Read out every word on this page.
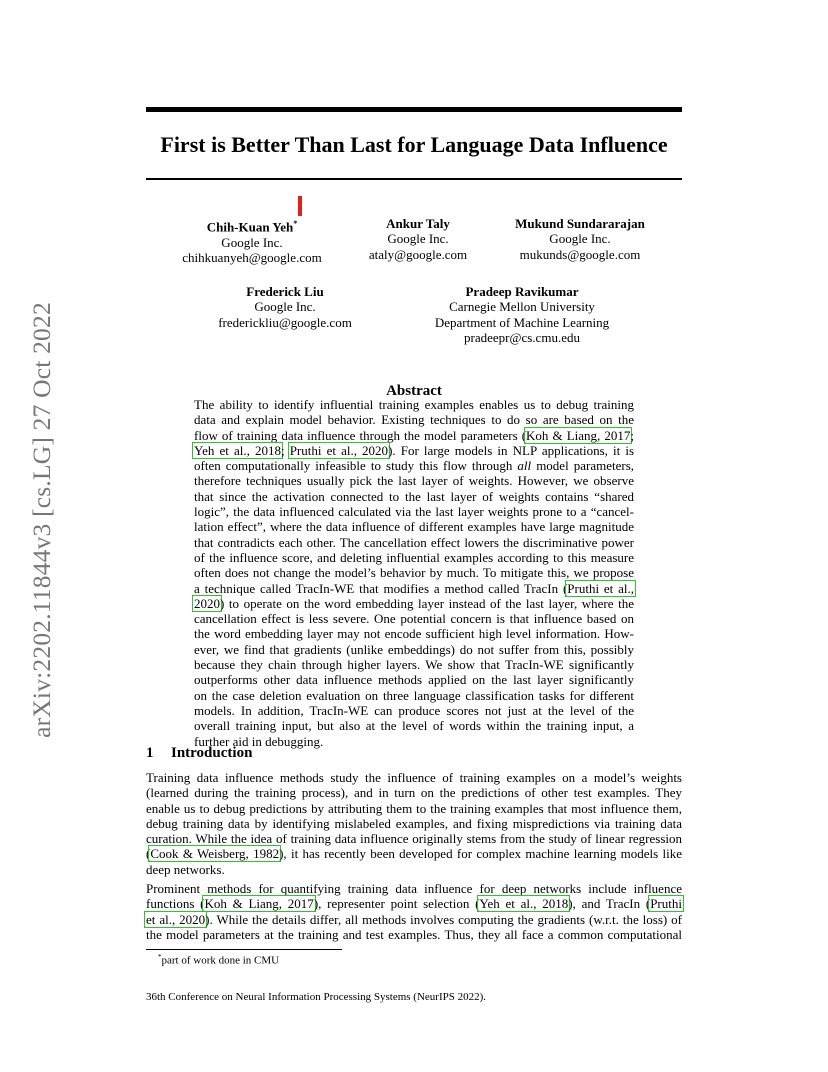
arXiv:2202.11844v3 [cs.LG] 27 Oct 2022
First is Better Than Last for Language Data Influence
Chih-Kuan Yeh*
Google Inc.
chihkuanyeh@google.com
Ankur Taly
Google Inc.
ataly@google.com
Mukund Sundararajan
Google Inc.
mukunds@google.com
Frederick Liu
Google Inc.
frederickliu@google.com
Pradeep Ravikumar
Carnegie Mellon University
Department of Machine Learning
pradeepr@cs.cmu.edu
Abstract
The ability to identify influential training examples enables us to debug training
data and explain model behavior. Existing techniques to do so are based on the
flow of training data influence through the model parameters (Koh & Liang, 2017;
Yeh et al., 2018; Pruthi et al., 2020). For large models in NLP applications, it is
often computationally infeasible to study this flow through all model parameters,
therefore techniques usually pick the last layer of weights. However, we observe
that since the activation connected to the last layer of weights contains “shared
logic”, the data influenced calculated via the last layer weights prone to a “cancel-
lation effect”, where the data influence of different examples have large magnitude
that contradicts each other. The cancellation effect lowers the discriminative power
of the influence score, and deleting influential examples according to this measure
often does not change the model’s behavior by much. To mitigate this, we propose
a technique called TracIn-WE that modifies a method called TracIn (Pruthi et al.,
2020) to operate on the word embedding layer instead of the last layer, where the
cancellation effect is less severe. One potential concern is that influence based on
the word embedding layer may not encode sufficient high level information. How-
ever, we find that gradients (unlike embeddings) do not suffer from this, possibly
because they chain through higher layers. We show that TracIn-WE significantly
outperforms other data influence methods applied on the last layer significantly
on the case deletion evaluation on three language classification tasks for different
models. In addition, TracIn-WE can produce scores not just at the level of the
overall training input, but also at the level of words within the training input, a
further aid in debugging.
1 Introduction
Training data influence methods study the influence of training examples on a model’s weights
(learned during the training process), and in turn on the predictions of other test examples. They
enable us to debug predictions by attributing them to the training examples that most influence them,
debug training data by identifying mislabeled examples, and fixing mispredictions via training data
curation. While the idea of training data influence originally stems from the study of linear regression
(Cook & Weisberg, 1982), it has recently been developed for complex machine learning models like
deep networks.
Prominent methods for quantifying training data influence for deep networks include influence
functions (Koh & Liang, 2017), representer point selection (Yeh et al., 2018), and TracIn (Pruthi
et al., 2020). While the details differ, all methods involves computing the gradients (w.r.t. the loss) of
the model parameters at the training and test examples. Thus, they all face a common computational
*part of work done in CMU
36th Conference on Neural Information Processing Systems (NeurIPS 2022).
